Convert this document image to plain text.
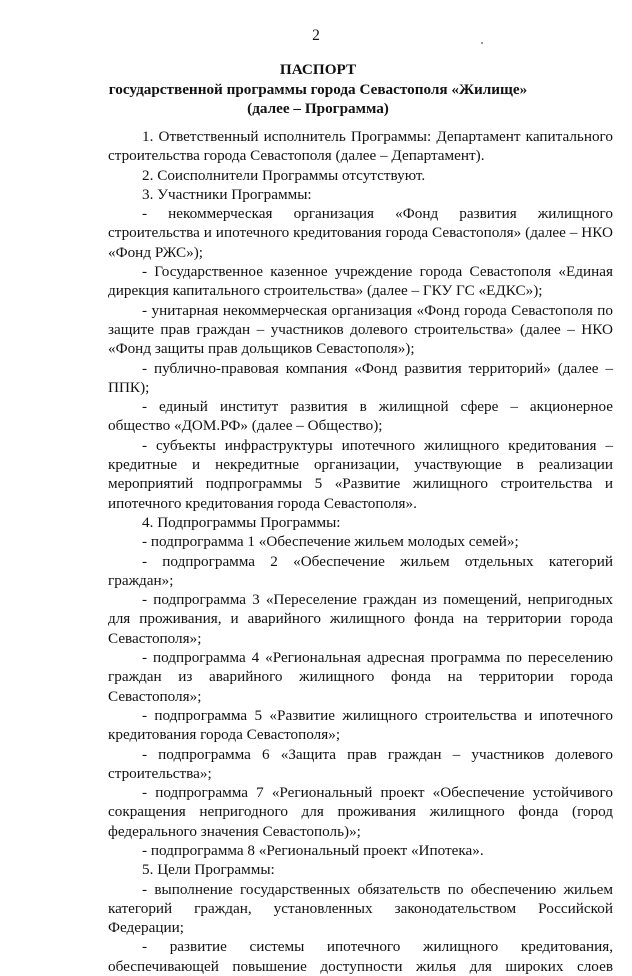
2
ПАСПОРТ
государственной программы города Севастополя «Жилище»
(далее – Программа)

1. Ответственный исполнитель Программы: Департамент капитального строительства города Севастополя (далее – Департамент).

2. Соисполнители Программы отсутствуют.

3. Участники Программы:

- некоммерческая организация «Фонд развития жилищного строительства и ипотечного кредитования города Севастополя» (далее – НКО «Фонд РЖС»);

- Государственное казенное учреждение города Севастополя «Единая дирекция капитального строительства» (далее – ГКУ ГС «ЕДКС»);

- унитарная некоммерческая организация «Фонд города Севастополя по защите прав граждан – участников долевого строительства» (далее – НКО «Фонд защиты прав дольщиков Севастополя»);

- публично-правовая компания «Фонд развития территорий» (далее – ППК);

- единый институт развития в жилищной сфере – акционерное общество «ДОМ.РФ» (далее – Общество);

- субъекты инфраструктуры ипотечного жилищного кредитования – кредитные и некредитные организации, участвующие в реализации мероприятий подпрограммы 5 «Развитие жилищного строительства и ипотечного кредитования города Севастополя».

4. Подпрограммы Программы:

- подпрограмма 1 «Обеспечение жильем молодых семей»;

- подпрограмма 2 «Обеспечение жильем отдельных категорий граждан»;

- подпрограмма 3 «Переселение граждан из помещений, непригодных для проживания, и аварийного жилищного фонда на территории города Севастополя»;

- подпрограмма 4 «Региональная адресная программа по переселению граждан из аварийного жилищного фонда на территории города Севастополя»;

- подпрограмма 5 «Развитие жилищного строительства и ипотечного кредитования города Севастополя»;

- подпрограмма 6 «Защита прав граждан – участников долевого строительства»;

- подпрограмма 7 «Региональный проект «Обеспечение устойчивого сокращения непригодного для проживания жилищного фонда (город федерального значения Севастополь)»;

- подпрограмма 8 «Региональный проект «Ипотека».

5. Цели Программы:

- выполнение государственных обязательств по обеспечению жильем категорий граждан, установленных законодательством Российской Федерации;

- развитие системы ипотечного жилищного кредитования, обеспечивающей повышение доступности жилья для широких слоев
